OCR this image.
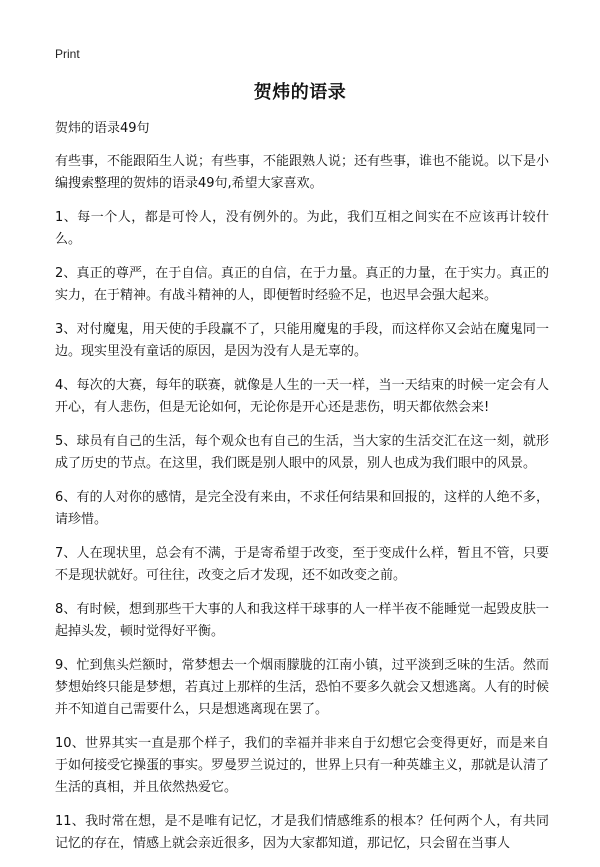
Print
贺炜的语录

贺炜的语录49句

有些事，不能跟陌生人说；有些事，不能跟熟人说；还有些事，谁也不能说。以下是小编搜索整理的贺炜的语录49句,希望大家喜欢。

1、每一个人，都是可怜人，没有例外的。为此，我们互相之间实在不应该再计较什么。

2、真正的尊严，在于自信。真正的自信，在于力量。真正的力量，在于实力。真正的实力，在于精神。有战斗精神的人，即便暂时经验不足，也迟早会强大起来。

3、对付魔鬼，用天使的手段赢不了，只能用魔鬼的手段，而这样你又会站在魔鬼同一边。现实里没有童话的原因，是因为没有人是无辜的。

4、每次的大赛，每年的联赛，就像是人生的一天一样，当一天结束的时候一定会有人开心，有人悲伤，但是无论如何，无论你是开心还是悲伤，明天都依然会来!

5、球员有自己的生活，每个观众也有自己的生活，当大家的生活交汇在这一刻，就形成了历史的节点。在这里，我们既是别人眼中的风景，别人也成为我们眼中的风景。

6、有的人对你的感情，是完全没有来由，不求任何结果和回报的，这样的人绝不多，请珍惜。

7、人在现状里，总会有不满，于是寄希望于改变，至于变成什么样，暂且不管，只要不是现状就好。可往往，改变之后才发现，还不如改变之前。

8、有时候，想到那些干大事的人和我这样干球事的人一样半夜不能睡觉一起毁皮肤一起掉头发，顿时觉得好平衡。

9、忙到焦头烂额时，常梦想去一个烟雨朦胧的江南小镇，过平淡到乏味的生活。然而梦想始终只能是梦想，若真过上那样的生活，恐怕不要多久就会又想逃离。人有的时候并不知道自己需要什么，只是想逃离现在罢了。

10、世界其实一直是那个样子，我们的幸福并非来自于幻想它会变得更好，而是来自于如何接受它操蛋的事实。罗曼罗兰说过的，世界上只有一种英雄主义，那就是认清了生活的真相，并且依然热爱它。

11、我时常在想，是不是唯有记忆，才是我们情感维系的根本？任何两个人，有共同记忆的存在，情感上就会亲近很多，因为大家都知道，那记忆，只会留在当事人
